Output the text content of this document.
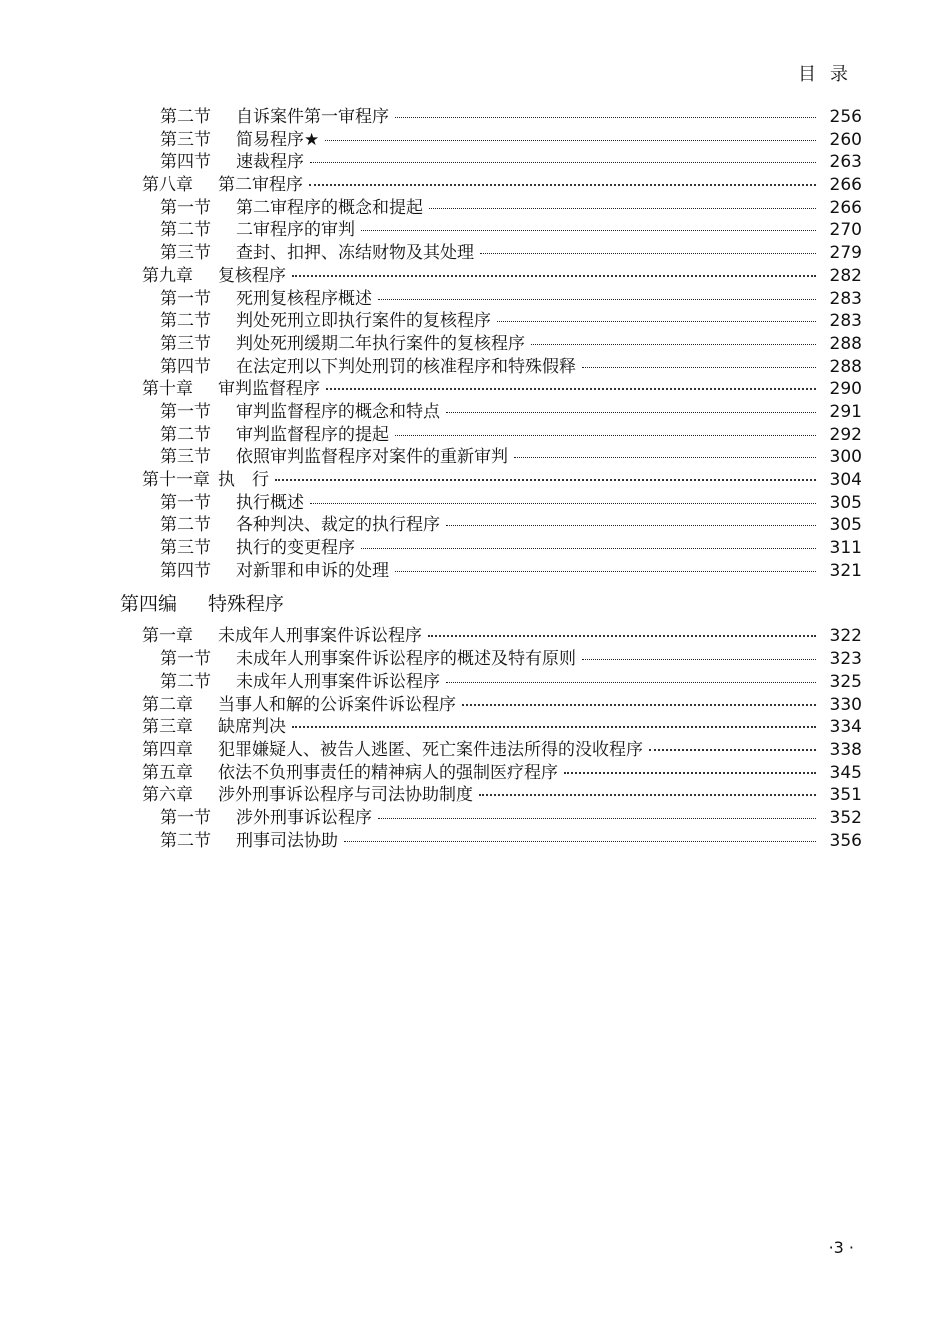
目录
第二节	自诉案件第一审程序	256
第三节	简易程序★	260
第四节	速裁程序	263
第八章	第二审程序	266
第一节	第二审程序的概念和提起	266
第二节	二审程序的审判	270
第三节	查封、扣押、冻结财物及其处理	279
第九章	复核程序	282
第一节	死刑复核程序概述	283
第二节	判处死刑立即执行案件的复核程序	283
第三节	判处死刑缓期二年执行案件的复核程序	288
第四节	在法定刑以下判处刑罚的核准程序和特殊假释	288
第十章	审判监督程序	290
第一节	审判监督程序的概念和特点	291
第二节	审判监督程序的提起	292
第三节	依照审判监督程序对案件的重新审判	300
第十一章 执　行	304
第一节	执行概述	305
第二节	各种判决、裁定的执行程序	305
第三节	执行的变更程序	311
第四节	对新罪和申诉的处理	321
第四编	特殊程序
第一章	未成年人刑事案件诉讼程序	322
第一节	未成年人刑事案件诉讼程序的概述及特有原则	323
第二节	未成年人刑事案件诉讼程序	325
第二章	当事人和解的公诉案件诉讼程序	330
第三章	缺席判决	334
第四章	犯罪嫌疑人、被告人逃匿、死亡案件违法所得的没收程序	338
第五章	依法不负刑事责任的精神病人的强制医疗程序	345
第六章	涉外刑事诉讼程序与司法协助制度	351
第一节	涉外刑事诉讼程序	352
第二节	刑事司法协助	356
·3 ·
